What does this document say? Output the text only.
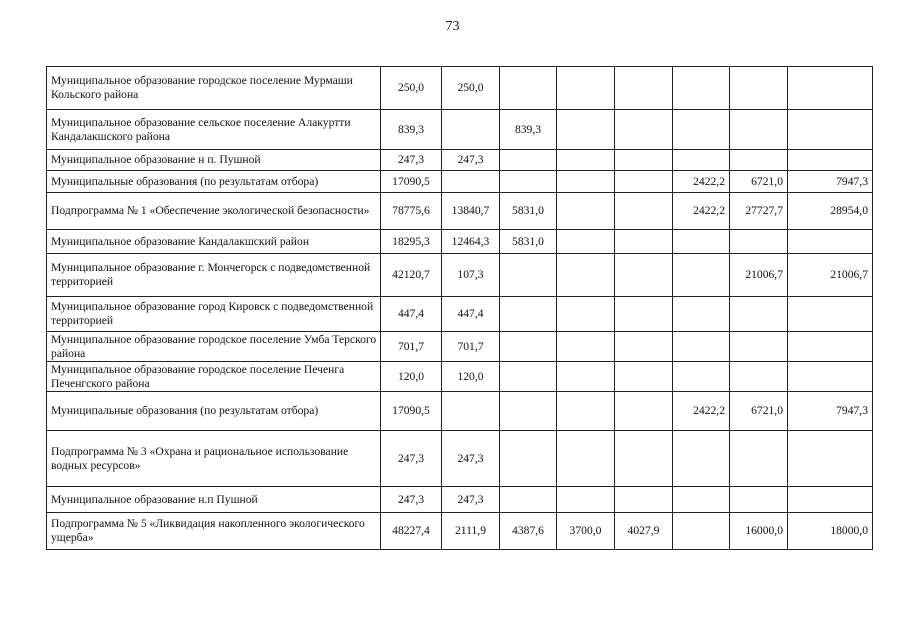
73
Муниципальное образование городское поселение Мурмаши Кольского района	250,0	250,0						
Муниципальное образование сельское поселение Алакуртти Кандалакшского района	839,3		839,3					
Муниципальное образование н п. Пушной	247,3	247,3						
Муниципальные образования (по результатам отбора)	17090,5					2422,2	6721,0	7947,3
Подпрограмма № 1 «Обеспечение экологической безопасности»	78775,6	13840,7	5831,0			2422,2	27727,7	28954,0
Муниципальное образование Кандалакшский район	18295,3	12464,3	5831,0					
Муниципальное образование г. Мончегорск с подведомственной территорией	42120,7	107,3					21006,7	21006,7
Муниципальное образование город Кировск с подведомственной территорией	447,4	447,4						
Муниципальное образование городское поселение Умба Терского района	701,7	701,7						
Муниципальное образование городское поселение Печенга Печенгского района	120,0	120,0						
Муниципальные образования (по результатам отбора)	17090,5					2422,2	6721,0	7947,3
Подпрограмма № 3 «Охрана и рациональное использование водных ресурсов»	247,3	247,3						
Муниципальное образование н.п Пушной	247,3	247,3						
Подпрограмма № 5 «Ликвидация накопленного экологического ущерба»	48227,4	2111,9	4387,6	3700,0	4027,9		16000,0	18000,0
